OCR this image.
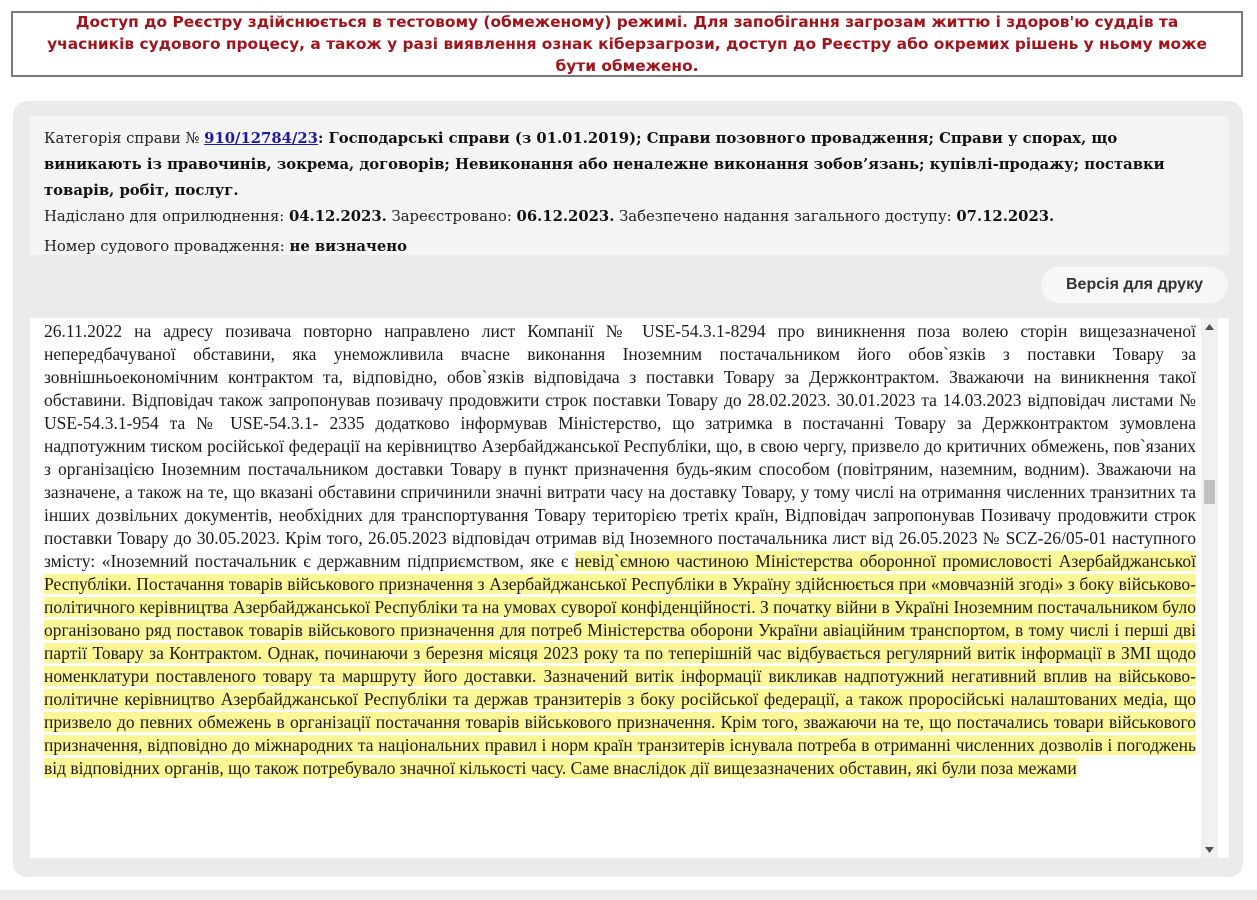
Доступ до Реєстру здійснюється в тестовому (обмеженому) режимі. Для запобігання загрозам життю і здоров'ю суддів та учасників судового процесу, а також у разі виявлення ознак кіберзагрози, доступ до Реєстру або окремих рішень у ньому може бути обмежено.
Категорія справи № 910/12784/23: Господарські справи (з 01.01.2019); Справи позовного провадження; Справи у спорах, що виникають із правочинів, зокрема, договорів; Невиконання або неналежне виконання зобов’язань; купівлі-продажу; поставки товарів, робіт, послуг.
Надіслано для оприлюднення: 04.12.2023. Зареєстровано: 06.12.2023. Забезпечено надання загального доступу: 07.12.2023.
Номер судового провадження: не визначено
Версія для друку
26.11.2022 на адресу позивача повторно направлено лист Компанії № USE-54.3.1-8294 про виникнення поза волею сторін вищезазначеної непередбачуваної обставини, яка унеможливила вчасне виконання Іноземним постачальником його обов`язків з поставки Товару за зовнішньоекономічним контрактом та, відповідно, обов`язків відповідача з поставки Товару за Держконтрактом. Зважаючи на виникнення такої обставини. Відповідач також запропонував позивачу продовжити строк поставки Товару до 28.02.2023. 30.01.2023 та 14.03.2023 відповідач листами № USE-54.3.1-954 та № USE-54.3.1- 2335 додатково інформував Міністерство, що затримка в постачанні Товару за Держконтрактом зумовлена надпотужним тиском російської федерації на керівництво Азербайджанської Республіки, що, в свою чергу, призвело до критичних обмежень, пов`язаних з організацією Іноземним постачальником доставки Товару в пункт призначення будь-яким способом (повітряним, наземним, водним). Зважаючи на зазначене, а також на те, що вказані обставини спричинили значні витрати часу на доставку Товару, у тому числі на отримання численних транзитних та інших дозвільних документів, необхідних для транспортування Товару територією третіх країн, Відповідач запропонував Позивачу продовжити строк поставки Товару до 30.05.2023. Крім того, 26.05.2023 відповідач отримав від Іноземного постачальника лист від 26.05.2023 № SCZ-26/05-01 наступного змісту: «Іноземний постачальник є державним підприємством, яке є невід`ємною частиною Міністерства оборонної промисловості Азербайджанської Республіки. Постачання товарів військового призначення з Азербайджанської Республіки в Україну здійснюється при «мовчазній згоді» з боку військово-політичного керівництва Азербайджанської Республіки та на умовах суворої конфіденційності. З початку війни в Україні Іноземним постачальником було організовано ряд поставок товарів військового призначення для потреб Міністерства оборони України авіаційним транспортом, в тому числі і перші дві партії Товару за Контрактом. Однак, починаючи з березня місяця 2023 року та по теперішній час відбувається регулярний витік інформації в ЗМІ щодо номенклатури поставленого товару та маршруту його доставки. Зазначений витік інформації викликав надпотужний негативний вплив на військово-політичне керівництво Азербайджанської Республіки та держав транзитерів з боку російської федерації, а також проросійські налаштованих медіа, що призвело до певних обмежень в організації постачання товарів військового призначення. Крім того, зважаючи на те, що постачались товари військового призначення, відповідно до міжнародних та національних правил і норм країн транзитерів існувала потреба в отриманні численних дозволів і погоджень від відповідних органів, що також потребувало значної кількості часу. Саме внаслідок дії вищезазначених обставин, які були поза межами
